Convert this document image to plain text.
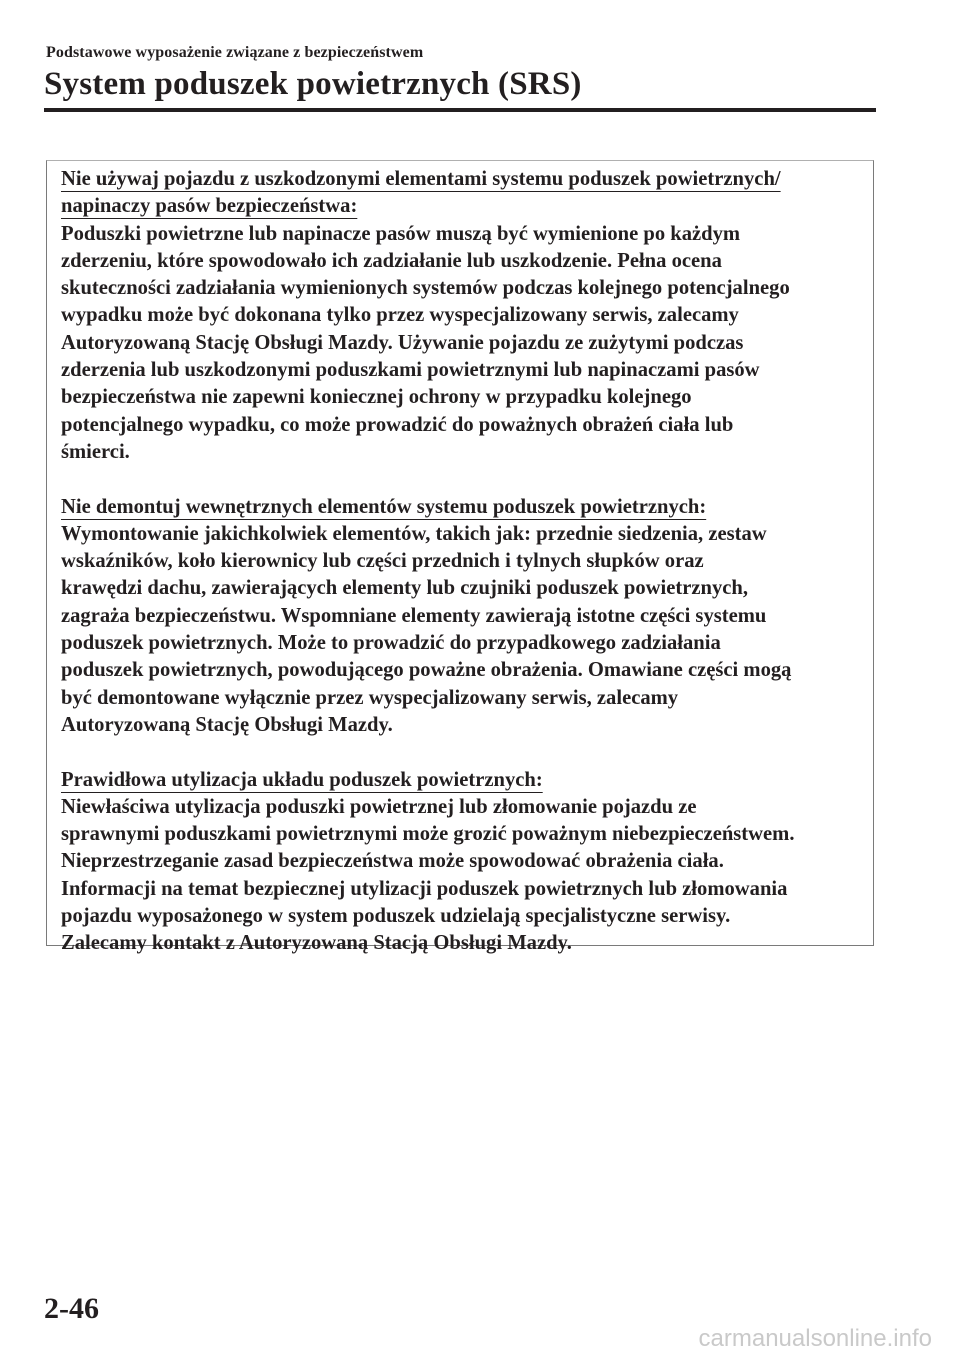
Podstawowe wyposażenie związane z bezpieczeństwem
System poduszek powietrznych (SRS)
Nie używaj pojazdu z uszkodzonymi elementami systemu poduszek powietrznych/
napinaczy pasów bezpieczeństwa:
Poduszki powietrzne lub napinacze pasów muszą być wymienione po każdym
zderzeniu, które spowodowało ich zadziałanie lub uszkodzenie. Pełna ocena
skuteczności zadziałania wymienionych systemów podczas kolejnego potencjalnego
wypadku może być dokonana tylko przez wyspecjalizowany serwis, zalecamy
Autoryzowaną Stację Obsługi Mazdy. Używanie pojazdu ze zużytymi podczas
zderzenia lub uszkodzonymi poduszkami powietrznymi lub napinaczami pasów
bezpieczeństwa nie zapewni koniecznej ochrony w przypadku kolejnego
potencjalnego wypadku, co może prowadzić do poważnych obrażeń ciała lub
śmierci.
Nie demontuj wewnętrznych elementów systemu poduszek powietrznych:
Wymontowanie jakichkolwiek elementów, takich jak: przednie siedzenia, zestaw
wskaźników, koło kierownicy lub części przednich i tylnych słupków oraz
krawędzi dachu, zawierających elementy lub czujniki poduszek powietrznych,
zagraża bezpieczeństwu. Wspomniane elementy zawierają istotne części systemu
poduszek powietrznych. Może to prowadzić do przypadkowego zadziałania
poduszek powietrznych, powodującego poważne obrażenia. Omawiane części mogą
być demontowane wyłącznie przez wyspecjalizowany serwis, zalecamy
Autoryzowaną Stację Obsługi Mazdy.
Prawidłowa utylizacja układu poduszek powietrznych:
Niewłaściwa utylizacja poduszki powietrznej lub złomowanie pojazdu ze
sprawnymi poduszkami powietrznymi może grozić poważnym niebezpieczeństwem.
Nieprzestrzeganie zasad bezpieczeństwa może spowodować obrażenia ciała.
Informacji na temat bezpiecznej utylizacji poduszek powietrznych lub złomowania
pojazdu wyposażonego w system poduszek udzielają specjalistyczne serwisy.
Zalecamy kontakt z Autoryzowaną Stacją Obsługi Mazdy.
2-46
carmanualsonline.info
